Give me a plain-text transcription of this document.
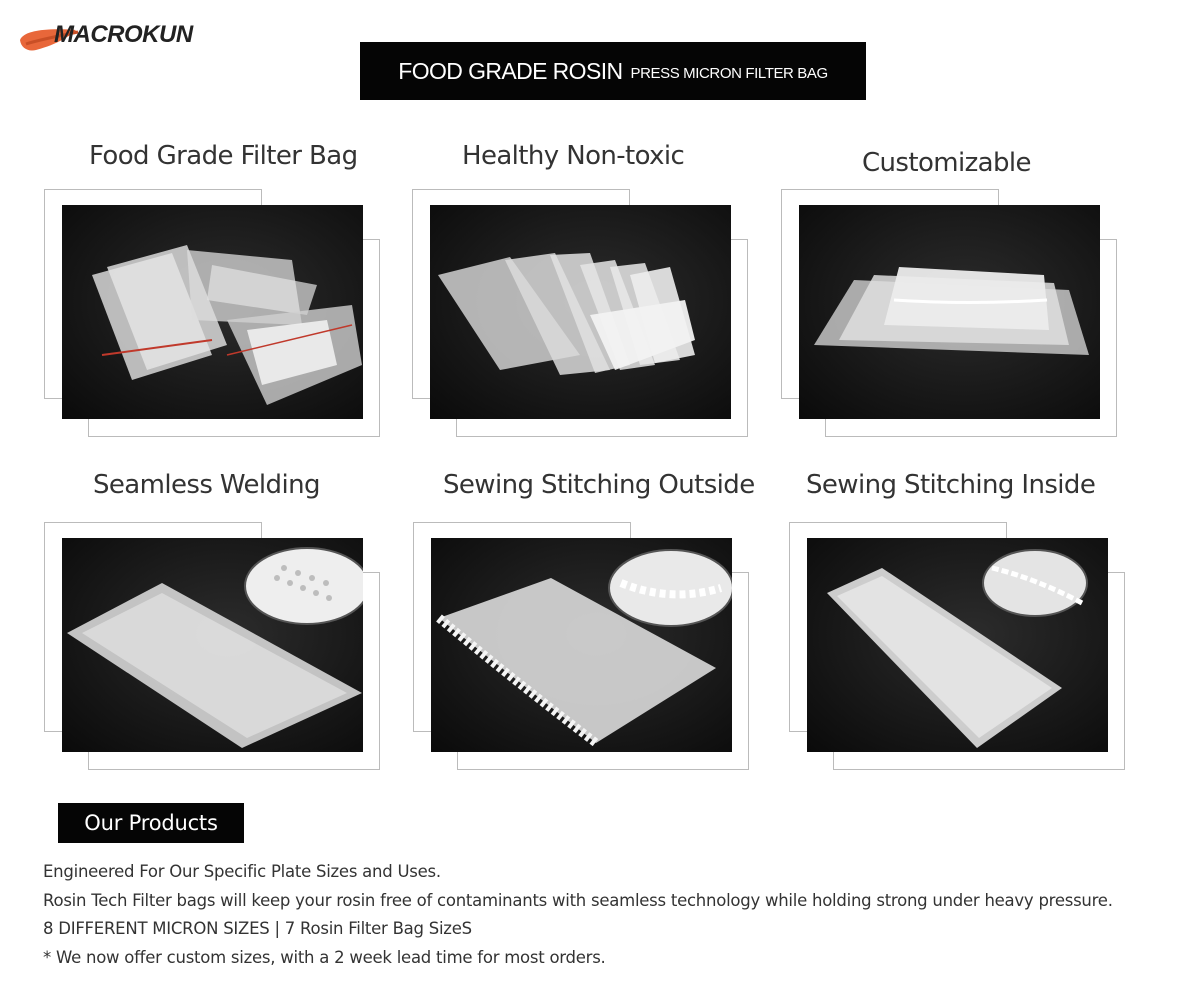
MACROKUN
FOOD GRADE ROSIN PRESS MICRON FILTER BAG
Food Grade Filter Bag	Healthy Non-toxic	Customizable
Seamless Welding	Sewing Stitching Outside Sewing Stitching Inside
Our Products

Engineered For Our Specific Plate Sizes and Uses.

Rosin Tech Filter bags will keep your rosin free of contaminants with seamless technology while holding strong under heavy pressure.

8 DIFFERENT MICRON SIZES | 7 Rosin Filter Bag SizeS

* We now offer custom sizes, with a 2 week lead time for most orders.
